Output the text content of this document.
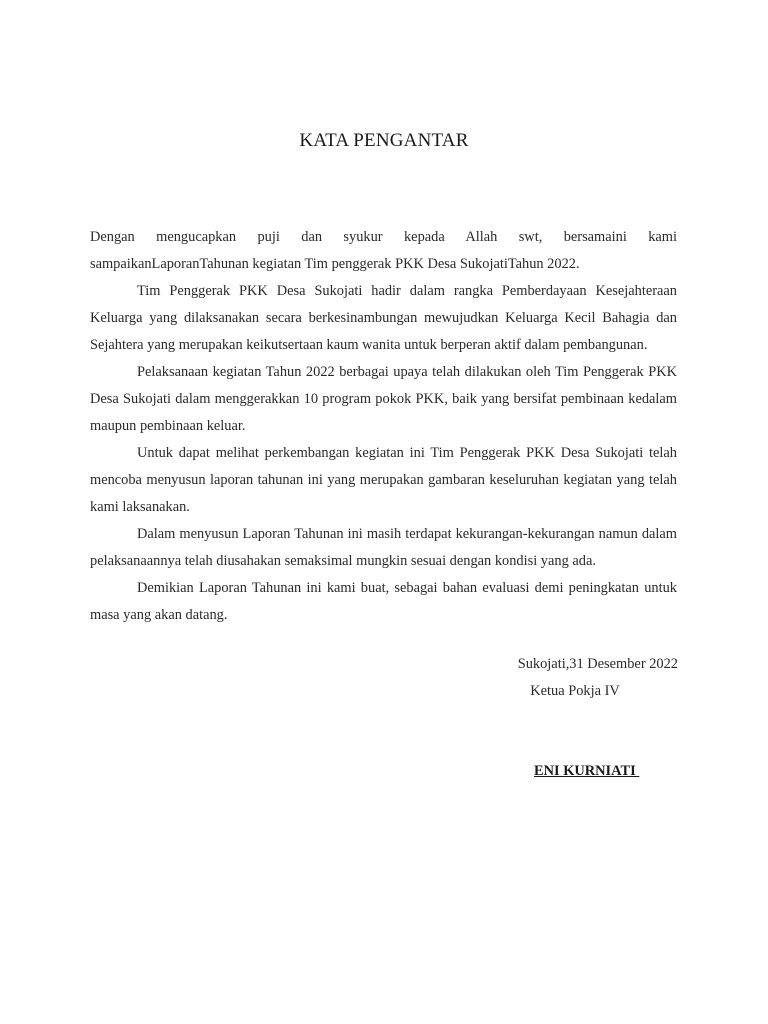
KATA PENGANTAR

Dengan mengucapkan puji dan syukur kepada Allah swt, bersamaini kami sampaikanLaporanTahunan kegiatan Tim penggerak PKK Desa SukojatiTahun 2022.

Tim Penggerak PKK Desa Sukojati hadir dalam rangka Pemberdayaan Kesejahteraan Keluarga yang dilaksanakan secara berkesinambungan mewujudkan Keluarga Kecil Bahagia dan Sejahtera yang merupakan keikutsertaan kaum wanita untuk berperan aktif dalam pembangunan.

Pelaksanaan kegiatan Tahun 2022 berbagai upaya telah dilakukan oleh Tim Penggerak PKK Desa Sukojati dalam menggerakkan 10 program pokok PKK, baik yang bersifat pembinaan kedalam maupun pembinaan keluar.

Untuk dapat melihat perkembangan kegiatan ini Tim Penggerak PKK Desa Sukojati telah mencoba menyusun laporan tahunan ini yang merupakan gambaran keseluruhan kegiatan yang telah kami laksanakan.

Dalam menyusun Laporan Tahunan ini masih terdapat kekurangan-kekurangan namun dalam pelaksanaannya telah diusahakan semaksimal mungkin sesuai dengan kondisi yang ada.

Demikian Laporan Tahunan ini kami buat, sebagai bahan evaluasi demi peningkatan untuk masa yang akan datang.

Sukojati,31 Desember 2022
Ketua Pokja IV
ENI KURNIATI
